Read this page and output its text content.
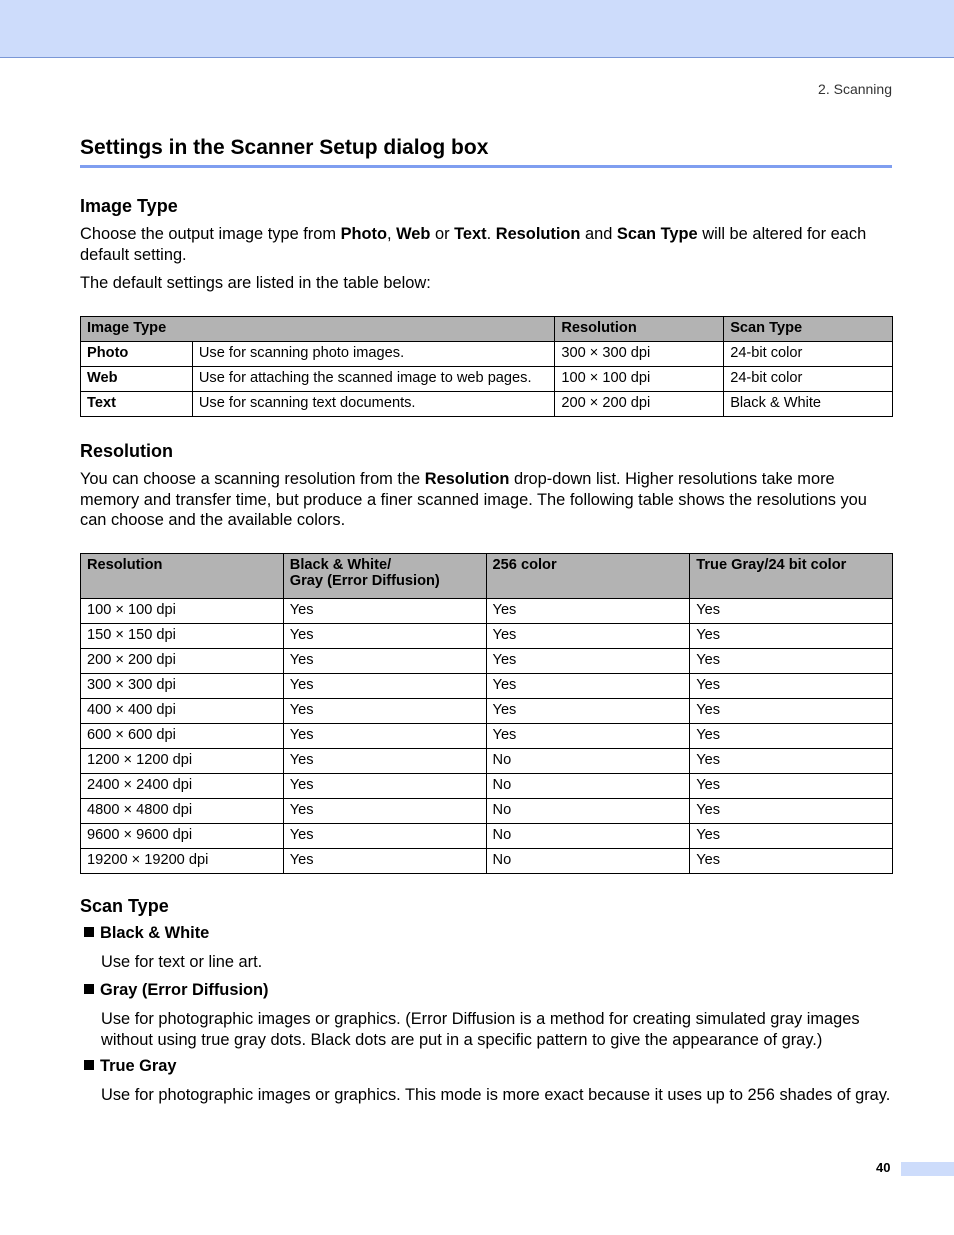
2. Scanning
Settings in the Scanner Setup dialog box
Image Type

Choose the output image type from Photo, Web or Text. Resolution and Scan Type will be altered for each default setting.

The default settings are listed in the table below:

Image Type		Resolution	Scan Type
Photo	Use for scanning photo images.	300 × 300 dpi	24-bit color
Web	Use for attaching the scanned image to web pages.	100 × 100 dpi	24-bit color
Text	Use for scanning text documents.	200 × 200 dpi	Black & White
Resolution

You can choose a scanning resolution from the Resolution drop-down list. Higher resolutions take more memory and transfer time, but produce a finer scanned image. The following table shows the resolutions you can choose and the available colors.

Resolution	Black & White/
Gray (Error Diffusion)	256 color	True Gray/24 bit color
100 × 100 dpi	Yes	Yes	Yes
150 × 150 dpi	Yes	Yes	Yes
200 × 200 dpi	Yes	Yes	Yes
300 × 300 dpi	Yes	Yes	Yes
400 × 400 dpi	Yes	Yes	Yes
600 × 600 dpi	Yes	Yes	Yes
1200 × 1200 dpi	Yes	No	Yes
2400 × 2400 dpi	Yes	No	Yes
4800 × 4800 dpi	Yes	No	Yes
9600 × 9600 dpi	Yes	No	Yes
19200 × 19200 dpi	Yes	No	Yes
Scan Type
Black & White

Use for text or line art.

Gray (Error Diffusion)

Use for photographic images or graphics. (Error Diffusion is a method for creating simulated gray images without using true gray dots. Black dots are put in a specific pattern to give the appearance of gray.)

True Gray

Use for photographic images or graphics. This mode is more exact because it uses up to 256 shades of gray.

40
